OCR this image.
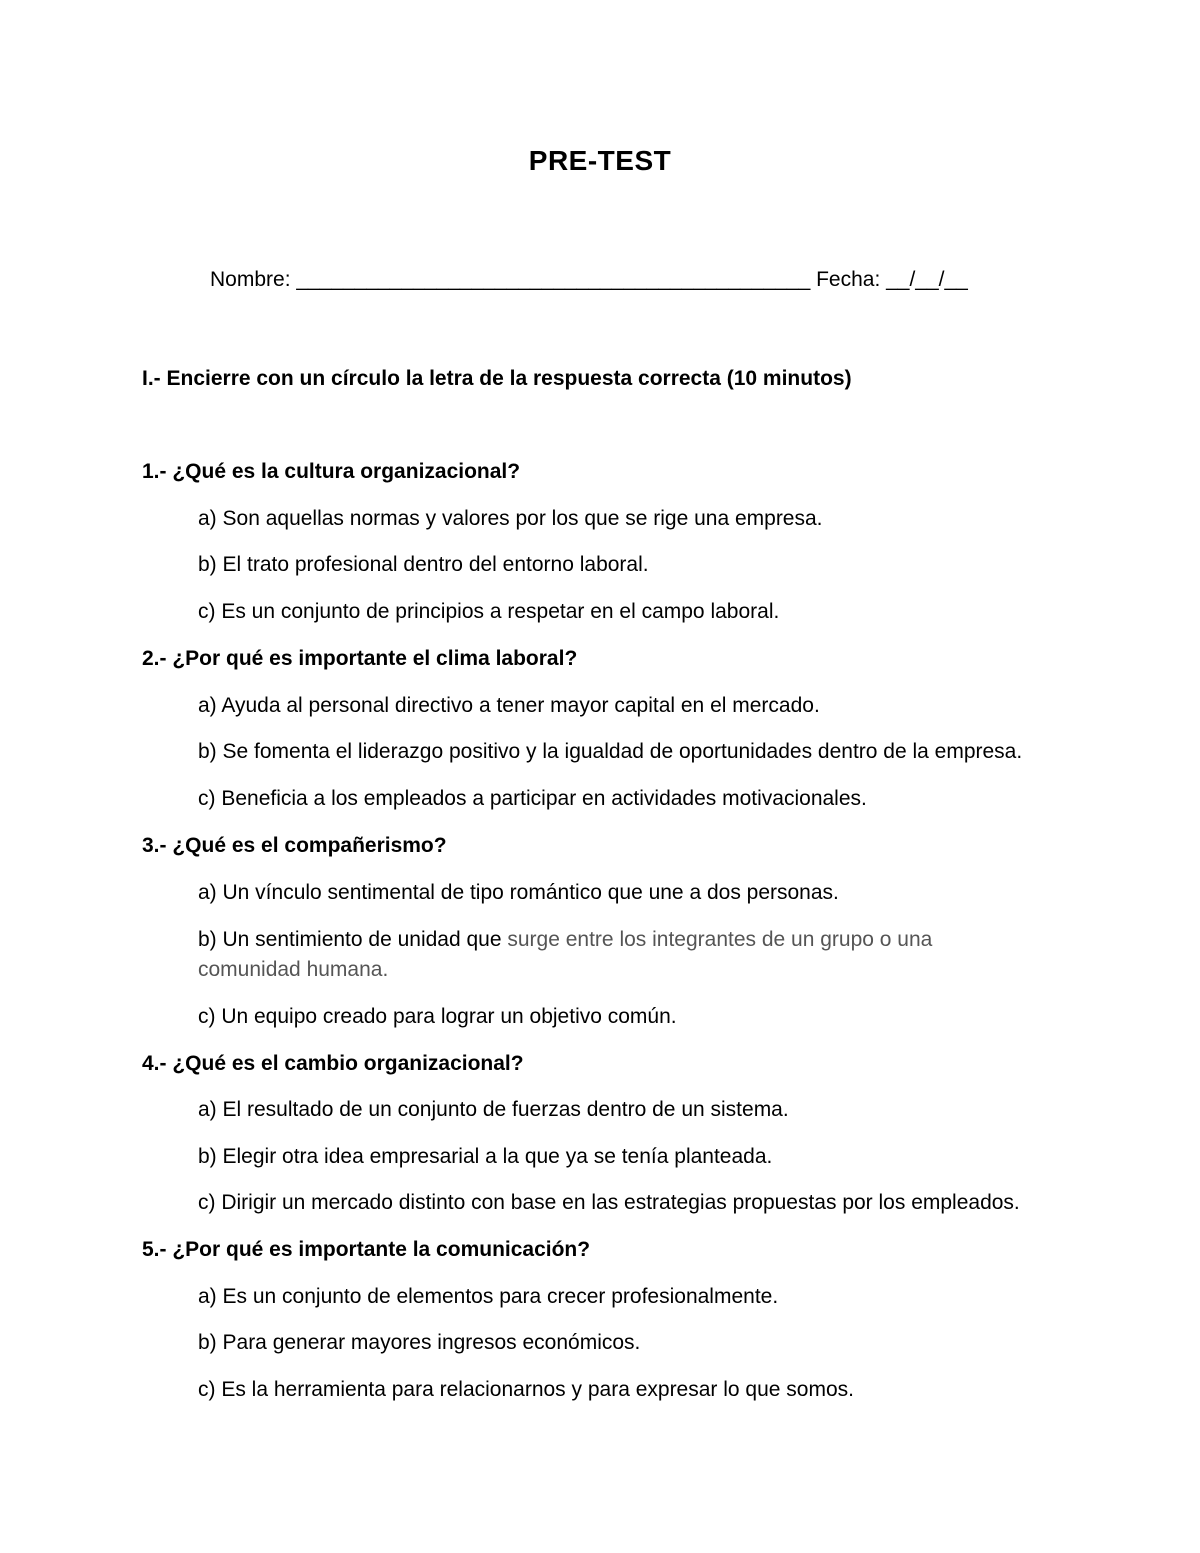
PRE-TEST
Nombre: ____________________________________________ Fecha: __/__/__
I.- Encierre con un círculo la letra de la respuesta correcta (10 minutos)
1.- ¿Qué es la cultura organizacional?
a) Son aquellas normas y valores por los que se rige una empresa.
b) El trato profesional dentro del entorno laboral.
c) Es un conjunto de principios a respetar en el campo laboral.
2.- ¿Por qué es importante el clima laboral?
a) Ayuda al personal directivo a tener mayor capital en el mercado.
b) Se fomenta el liderazgo positivo y la igualdad de oportunidades dentro de la empresa.
c) Beneficia a los empleados a participar en actividades motivacionales.
3.- ¿Qué es el compañerismo?
a) Un vínculo sentimental de tipo romántico que une a dos personas.
b) Un sentimiento de unidad que surge entre los integrantes de un grupo o una comunidad humana.
c) Un equipo creado para lograr un objetivo común.
4.- ¿Qué es el cambio organizacional?
a) El resultado de un conjunto de fuerzas dentro de un sistema.
b) Elegir otra idea empresarial a la que ya se tenía planteada.
c) Dirigir un mercado distinto con base en las estrategias propuestas por los empleados.
5.- ¿Por qué es importante la comunicación?
a) Es un conjunto de elementos para crecer profesionalmente.
b) Para generar mayores ingresos económicos.
c) Es la herramienta para relacionarnos y para expresar lo que somos.
